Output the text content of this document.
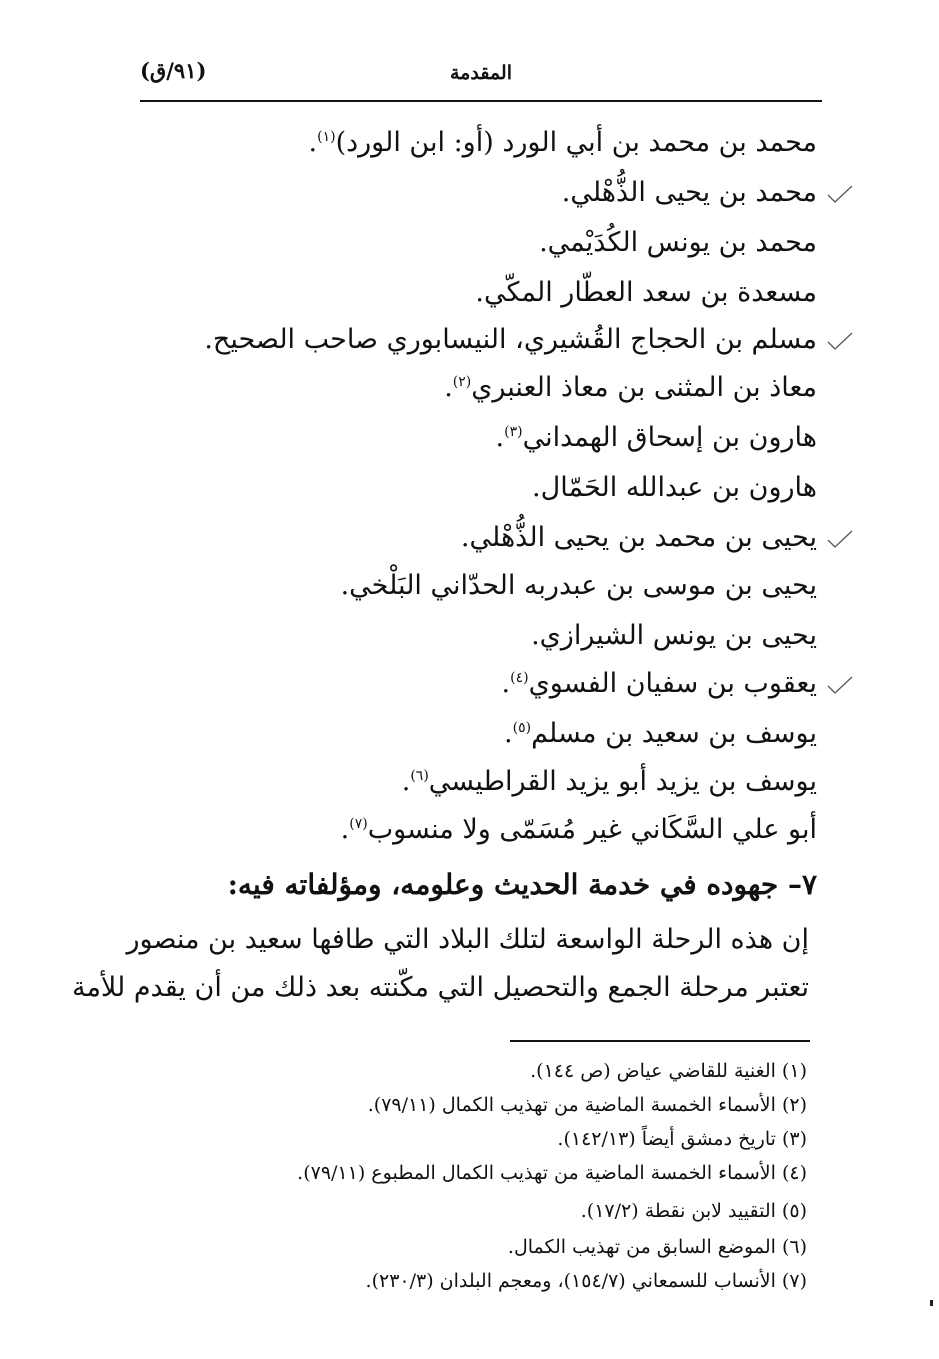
المقدمة
(٩١/ق)
محمد بن محمد بن أبي الورد (أو: ابن الورد)$^{(١)}$.
محمد بن يحيى الذُّهْلي.
محمد بن يونس الكُدَيْمي.
مسعدة بن سعد العطّار المكّي.
مسلم بن الحجاج القُشيري، النيسابوري صاحب الصحيح.
معاذ بن المثنى بن معاذ العنبري$^{(٢)}$.
هارون بن إسحاق الهمداني$^{(٣)}$.
هارون بن عبدالله الحَمّال.
يحيى بن محمد بن يحيى الذُّهْلي.
يحيى بن موسى بن عبدربه الحدّاني البَلْخي.
يحيى بن يونس الشيرازي.
يعقوب بن سفيان الفسوي$^{(٤)}$.
يوسف بن سعيد بن مسلم$^{(٥)}$.
يوسف بن يزيد أبو يزيد القراطيسي$^{(٦)}$.
أبو علي السَّكَاني غير مُسَمّى ولا منسوب$^{(٧)}$.
٧– جهوده في خدمة الحديث وعلومه، ومؤلفاته فيه:
إن هذه الرحلة الواسعة لتلك البلاد التي طافها سعيد بن منصور
تعتبر مرحلة الجمع والتحصيل التي مكّنته بعد ذلك من أن يقدم للأمة
(١) الغنية للقاضي عياض (ص ١٤٤).
(٢) الأسماء الخمسة الماضية من تهذيب الكمال (٧٩/١١).
(٣) تاريخ دمشق أيضاً (١٤٢/١٣).
(٤) الأسماء الخمسة الماضية من تهذيب الكمال المطبوع (٧٩/١١).
(٥) التقييد لابن نقطة (١٧/٢).
(٦) الموضع السابق من تهذيب الكمال.
(٧) الأنساب للسمعاني (١٥٤/٧)، ومعجم البلدان (٢٣٠/٣).
